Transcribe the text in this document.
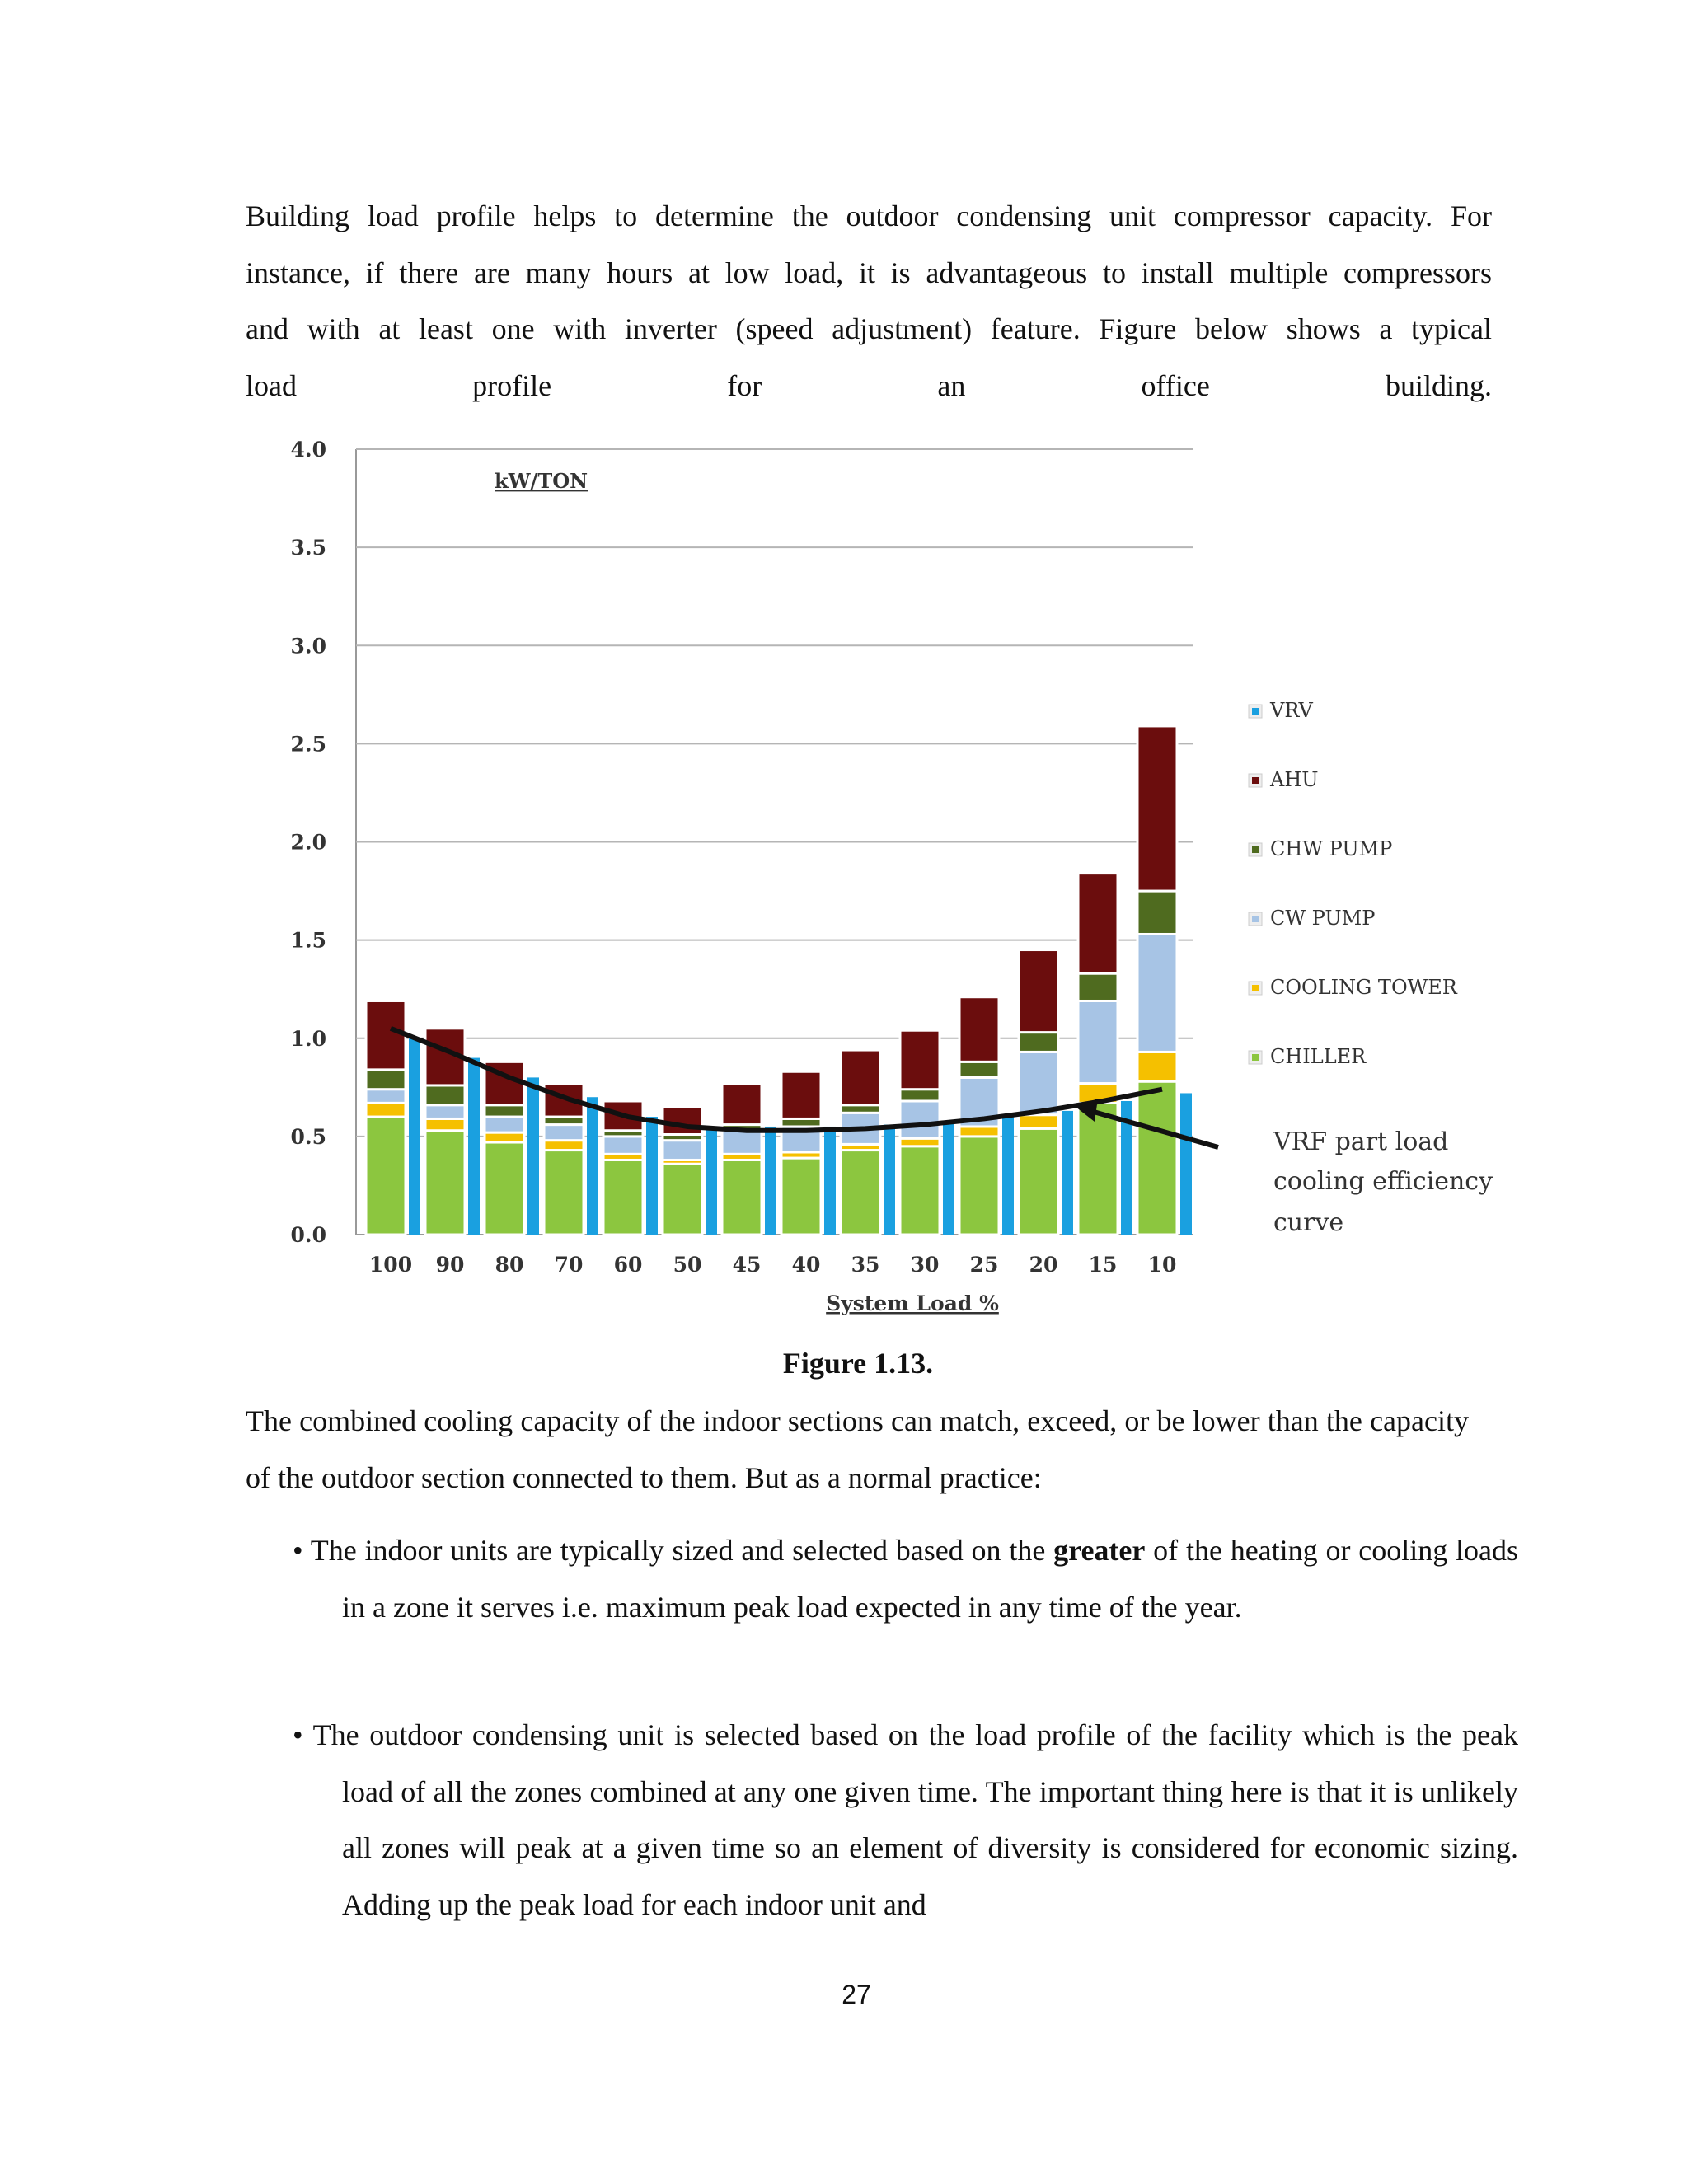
Building load profile helps to determine the outdoor condensing unit compressor capacity. For
instance, if there are many hours at low load, it is advantageous to install multiple compressors
and with at least one with inverter (speed adjustment) feature. Figure below shows a typical
load profile for an office building.
0.0
0.5
1.0
1.5
2.0
2.5
3.0
3.5
4.0
100 90 80 70 60 50 45 40 35 30 25 20 15 10
kW/TON
System Load %
VRV
AHU
CHW PUMP
CW PUMP
COOLING TOWER
CHILLER
VRF part load
cooling efficiency
curve

Figure 1.13.

The combined cooling capacity of the indoor sections can match, exceed, or be lower than the capacity of the outdoor section connected to them. But as a normal practice:

• The indoor units are typically sized and selected based on the greater of the heating or cooling loads in a zone it serves i.e. maximum peak load expected in any time of the year.

• The outdoor condensing unit is selected based on the load profile of the facility which is the peak load of all the zones combined at any one given time. The important thing here is that it is unlikely all zones will peak at a given time so an element of diversity is considered for economic sizing. Adding up the peak load for each indoor unit and

27
